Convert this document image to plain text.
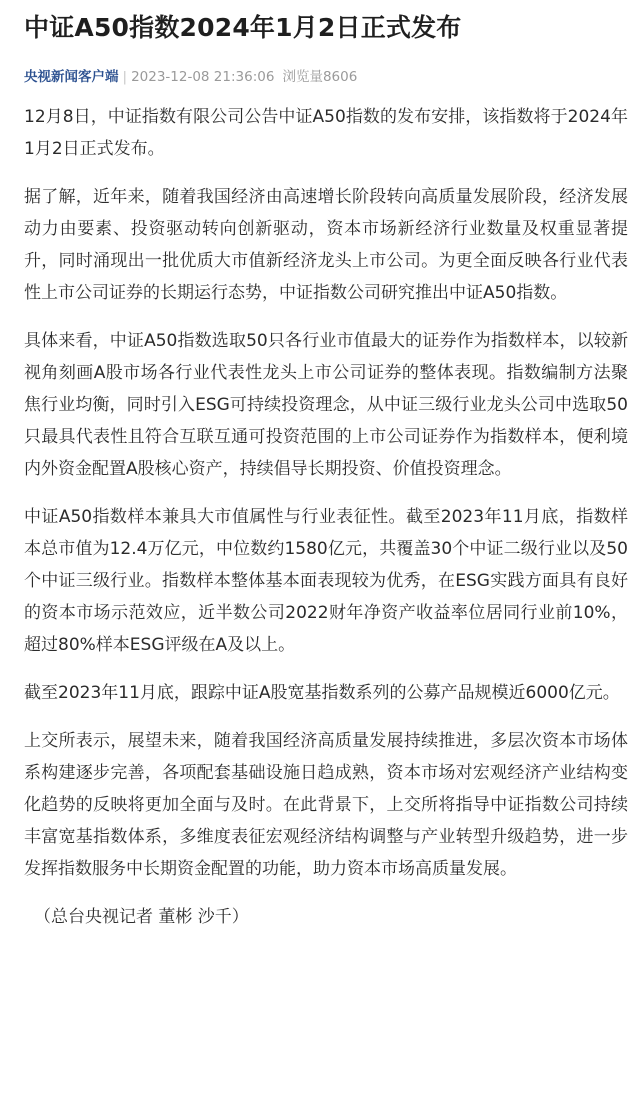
中证A50指数2024年1月2日正式发布
央视新闻客户端 | 2023-12-08 21:36:06 浏览量8606

12月8日，中证指数有限公司公告中证A50指数的发布安排，该指数将于2024年1月2日正式发布。

据了解，近年来，随着我国经济由高速增长阶段转向高质量发展阶段，经济发展动力由要素、投资驱动转向创新驱动，资本市场新经济行业数量及权重显著提升，同时涌现出一批优质大市值新经济龙头上市公司。为更全面反映各行业代表性上市公司证券的长期运行态势，中证指数公司研究推出中证A50指数。

具体来看，中证A50指数选取50只各行业市值最大的证券作为指数样本，以较新视角刻画A股市场各行业代表性龙头上市公司证券的整体表现。指数编制方法聚焦行业均衡，同时引入ESG可持续投资理念，从中证三级行业龙头公司中选取50只最具代表性且符合互联互通可投资范围的上市公司证券作为指数样本，便利境内外资金配置A股核心资产，持续倡导长期投资、价值投资理念。

中证A50指数样本兼具大市值属性与行业表征性。截至2023年11月底，指数样本总市值为12.4万亿元，中位数约1580亿元，共覆盖30个中证二级行业以及50个中证三级行业。指数样本整体基本面表现较为优秀，在ESG实践方面具有良好的资本市场示范效应，近半数公司2022财年净资产收益率位居同行业前10%，超过80%样本ESG评级在A及以上。

截至2023年11月底，跟踪中证A股宽基指数系列的公募产品规模近6000亿元。

上交所表示，展望未来，随着我国经济高质量发展持续推进，多层次资本市场体系构建逐步完善，各项配套基础设施日趋成熟，资本市场对宏观经济产业结构变化趋势的反映将更加全面与及时。在此背景下，上交所将指导中证指数公司持续丰富宽基指数体系，多维度表征宏观经济结构调整与产业转型升级趋势，进一步发挥指数服务中长期资金配置的功能，助力资本市场高质量发展。

（总台央视记者 董彬 沙千）
